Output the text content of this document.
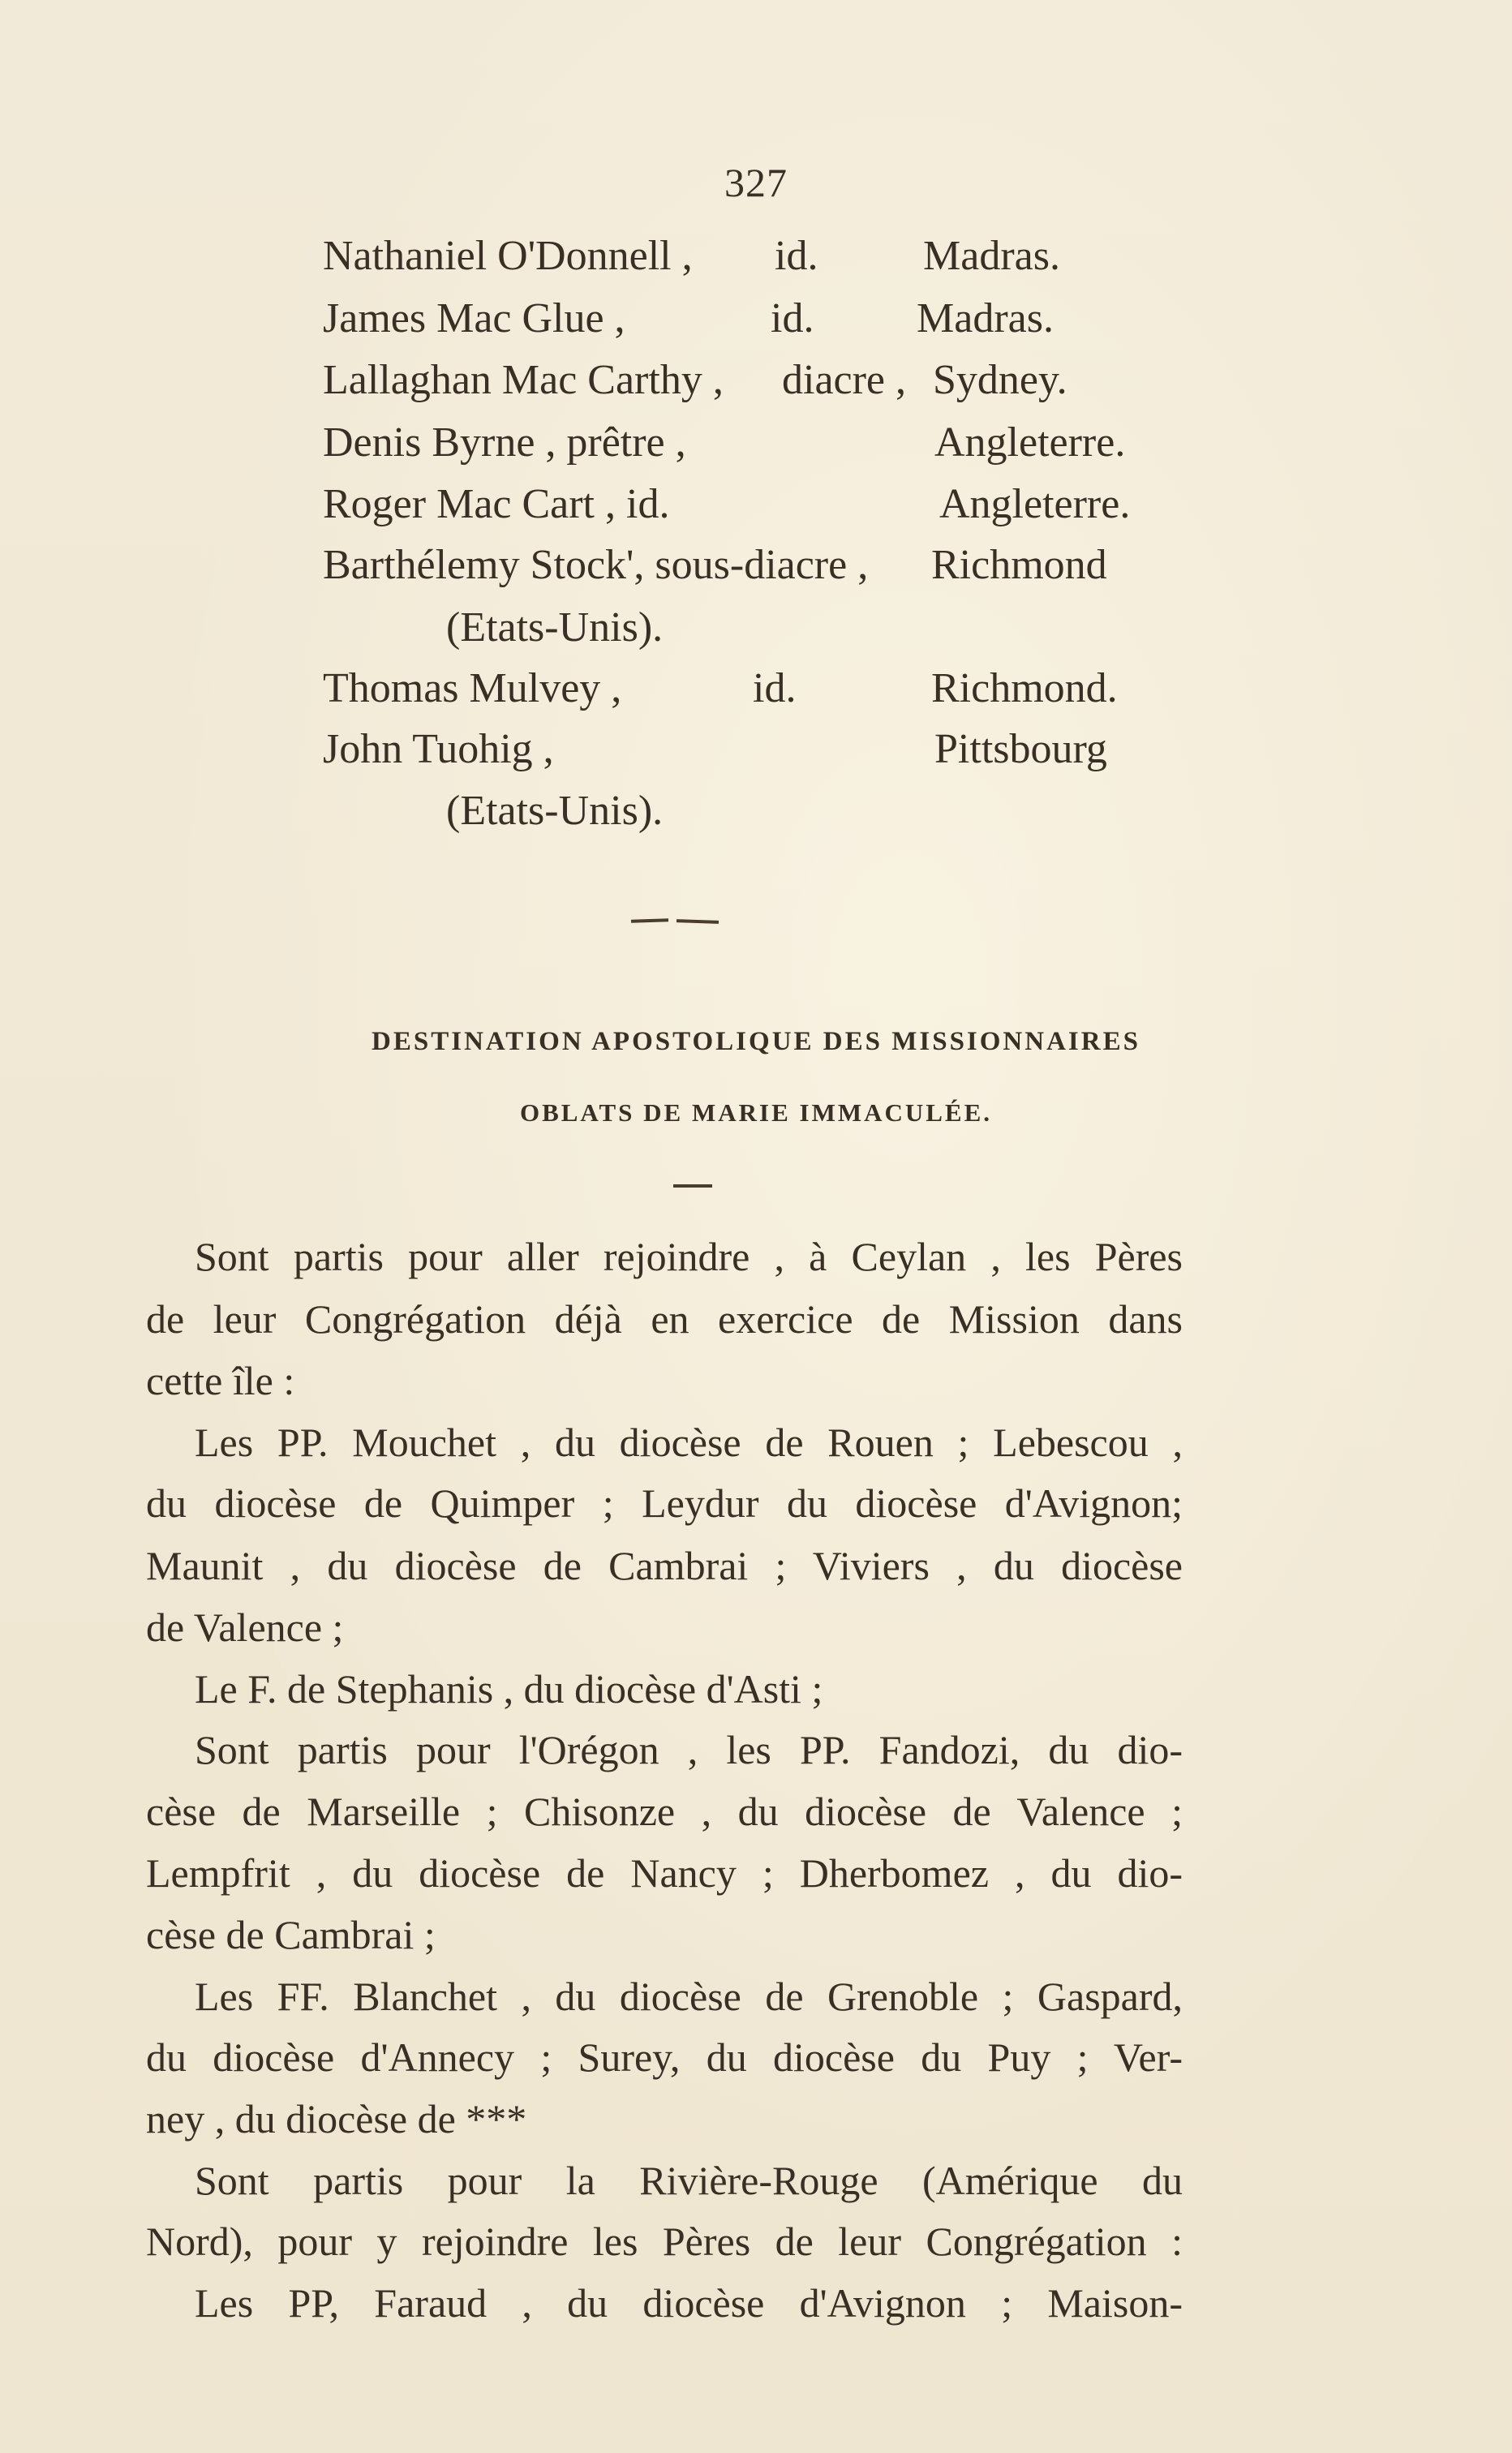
327
Nathaniel O'Donnell , id. Madras.
James Mac Glue ,	id. Madras.
Lallaghan Mac Carthy , diacre , Sydney.
Denis Byrne , prêtre ,	Angleterre.
Roger Mac Cart , id.	Angleterre.
Barthélemy Stock', sous-diacre , Richmond
(Etats-Unis).
Thomas Mulvey ,	id.	Richmond.
John Tuohig ,	Pittsbourg
(Etats-Unis).
DESTINATION APOSTOLIQUE DES MISSIONNAIRES
OBLATS DE MARIE IMMACULÉE.
Sont partis pour aller rejoindre , à Ceylan , les Pères
de leur Congrégation déjà en exercice de Mission dans
cette île :
Les PP. Mouchet , du diocèse de Rouen ; Lebescou ,
du diocèse de Quimper ; Leydur du diocèse d'Avignon;
Maunit , du diocèse de Cambrai ; Viviers , du diocèse
de Valence ;
Le F. de Stephanis , du diocèse d'Asti ;
Sont partis pour l'Orégon , les PP. Fandozi, du dio-
cèse de Marseille ; Chisonze , du diocèse de Valence ;
Lempfrit , du diocèse de Nancy ; Dherbomez , du dio-
cèse de Cambrai ;
Les FF. Blanchet , du diocèse de Grenoble ; Gaspard,
du diocèse d'Annecy ; Surey, du diocèse du Puy ; Ver-
ney , du diocèse de ***
Sont partis pour la Rivière-Rouge (Amérique du
Nord), pour y rejoindre les Pères de leur Congrégation :
Les PP, Faraud , du diocèse d'Avignon ; Maison-
